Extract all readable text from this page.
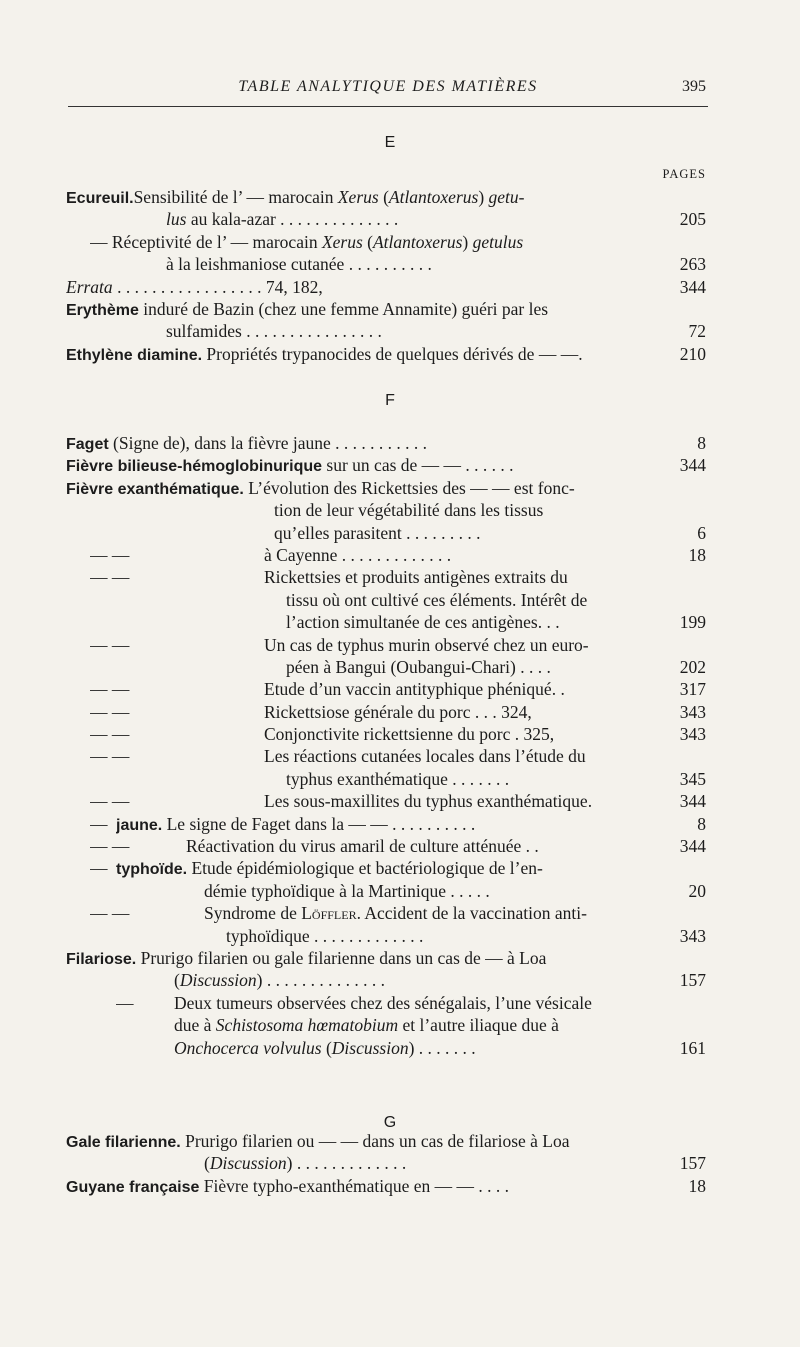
TABLE ANALYTIQUE DES MATIÈRES	395
E
PAGES
Ecureuil.Sensibilité de l’ — marocain Xerus (Atlantoxerus) getu-
lus au kala-azar . . . . . . . . . . . . . .	205
— Réceptivité de l’ — marocain Xerus (Atlantoxerus) getulus
à la leishmaniose cutanée . . . . . . . . . .	263
Errata . . . . . . . . . . . . . . . . . 74, 182,	344
Erythème induré de Bazin (chez une femme Annamite) guéri par les
sulfamides . . . . . . . . . . . . . . . .	72
Ethylène diamine. Propriétés trypanocides de quelques dérivés de — —.	210
F
Faget (Signe de), dans la fièvre jaune . . . . . . . . . . .	8
Fièvre bilieuse-hémoglobinurique sur un cas de — — . . . . . .	344
Fièvre exanthématique. L’évolution des Rickettsies des — — est fonc-
tion de leur végétabilité dans les tissus
qu’elles parasitent . . . . . . . . .	6
— —	à Cayenne . . . . . . . . . . . . .	18
— —	Rickettsies et produits antigènes extraits du
tissu où ont cultivé ces éléments. Intérêt de
l’action simultanée de ces antigènes. . .	199
— —	Un cas de typhus murin observé chez un euro-
péen à Bangui (Oubangui-Chari) . . . .	202
— —	Etude d’un vaccin antityphique phéniqué. .	317
— —	Rickettsiose générale du porc . . . 324,	343
— —	Conjonctivite rickettsienne du porc . 325,	343
— —	Les réactions cutanées locales dans l’étude du
typhus exanthématique . . . . . . .	345
— —	Les sous-maxillites du typhus exanthématique.	344
— jaune. Le signe de Faget dans la — — . . . . . . . . . .	8
— —	Réactivation du virus amaril de culture atténuée . .	344
— typhoïde. Etude épidémiologique et bactériologique de l’en-
démie typhoïdique à la Martinique . . . . .	20
— —	Syndrome de Löffler. Accident de la vaccination anti-
typhoïdique . . . . . . . . . . . . .	343
Filariose. Prurigo filarien ou gale filarienne dans un cas de — à Loa
(Discussion) . . . . . . . . . . . . . .	157
—	Deux tumeurs observées chez des sénégalais, l’une vésicale
due à Schistosoma hœmatobium et l’autre iliaque due à
Onchocerca volvulus (Discussion) . . . . . . .	161
G
Gale filarienne. Prurigo filarien ou — — dans un cas de filariose à Loa
(Discussion) . . . . . . . . . . . . .	157
Guyane française Fièvre typho-exanthématique en — — . . . .	18
